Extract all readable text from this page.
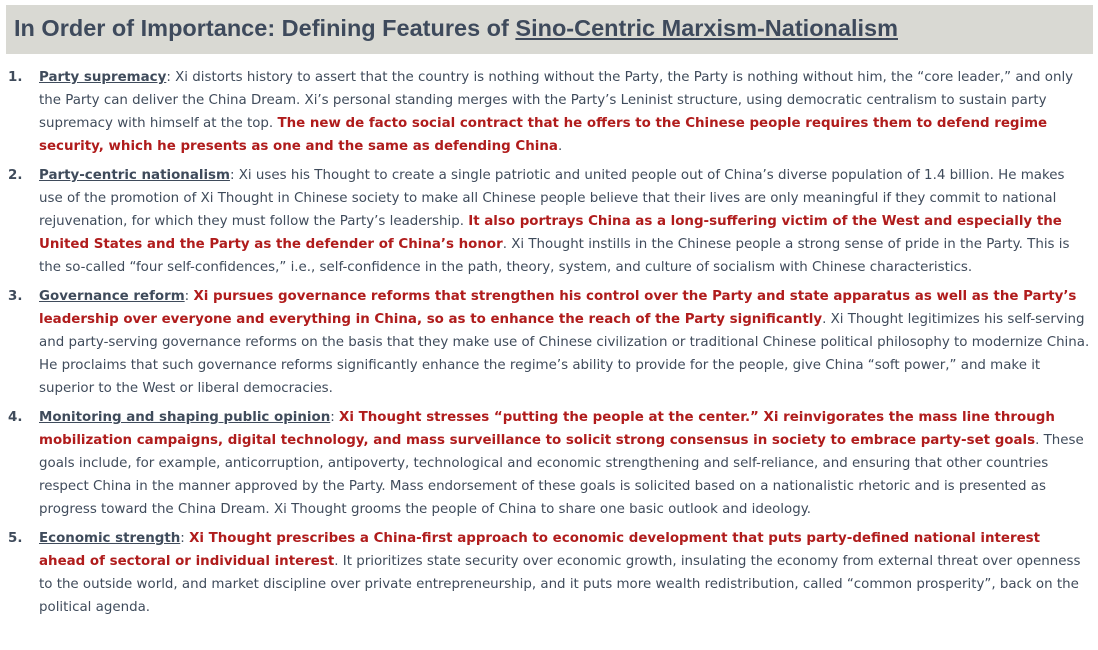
In Order of Importance: Defining Features of Sino-Centric Marxism-Nationalism
1. Party supremacy: Xi distorts history to assert that the country is nothing without the Party, the Party is nothing without him, the “core leader,” and only the Party can deliver the China Dream. Xi’s personal standing merges with the Party’s Leninist structure, using democratic centralism to sustain party supremacy with himself at the top. The new de facto social contract that he offers to the Chinese people requires them to defend regime security, which he presents as one and the same as defending China.
2. Party-centric nationalism: Xi uses his Thought to create a single patriotic and united people out of China’s diverse population of 1.4 billion. He makes use of the promotion of Xi Thought in Chinese society to make all Chinese people believe that their lives are only meaningful if they commit to national rejuvenation, for which they must follow the Party’s leadership. It also portrays China as a long-suffering victim of the West and especially the United States and the Party as the defender of China’s honor. Xi Thought instills in the Chinese people a strong sense of pride in the Party. This is the so-called “four self-confidences,” i.e., self-confidence in the path, theory, system, and culture of socialism with Chinese characteristics.
3. Governance reform: Xi pursues governance reforms that strengthen his control over the Party and state apparatus as well as the Party’s leadership over everyone and everything in China, so as to enhance the reach of the Party significantly. Xi Thought legitimizes his self-serving and party-serving governance reforms on the basis that they make use of Chinese civilization or traditional Chinese political philosophy to modernize China. He proclaims that such governance reforms significantly enhance the regime’s ability to provide for the people, give China “soft power,” and make it superior to the West or liberal democracies.
4. Monitoring and shaping public opinion: Xi Thought stresses “putting the people at the center.” Xi reinvigorates the mass line through mobilization campaigns, digital technology, and mass surveillance to solicit strong consensus in society to embrace party-set goals. These goals include, for example, anticorruption, antipoverty, technological and economic strengthening and self-reliance, and ensuring that other countries respect China in the manner approved by the Party. Mass endorsement of these goals is solicited based on a nationalistic rhetoric and is presented as progress toward the China Dream. Xi Thought grooms the people of China to share one basic outlook and ideology.
5. Economic strength: Xi Thought prescribes a China-first approach to economic development that puts party-defined national interest ahead of sectoral or individual interest. It prioritizes state security over economic growth, insulating the economy from external threat over openness to the outside world, and market discipline over private entrepreneurship, and it puts more wealth redistribution, called “common prosperity”, back on the political agenda.
